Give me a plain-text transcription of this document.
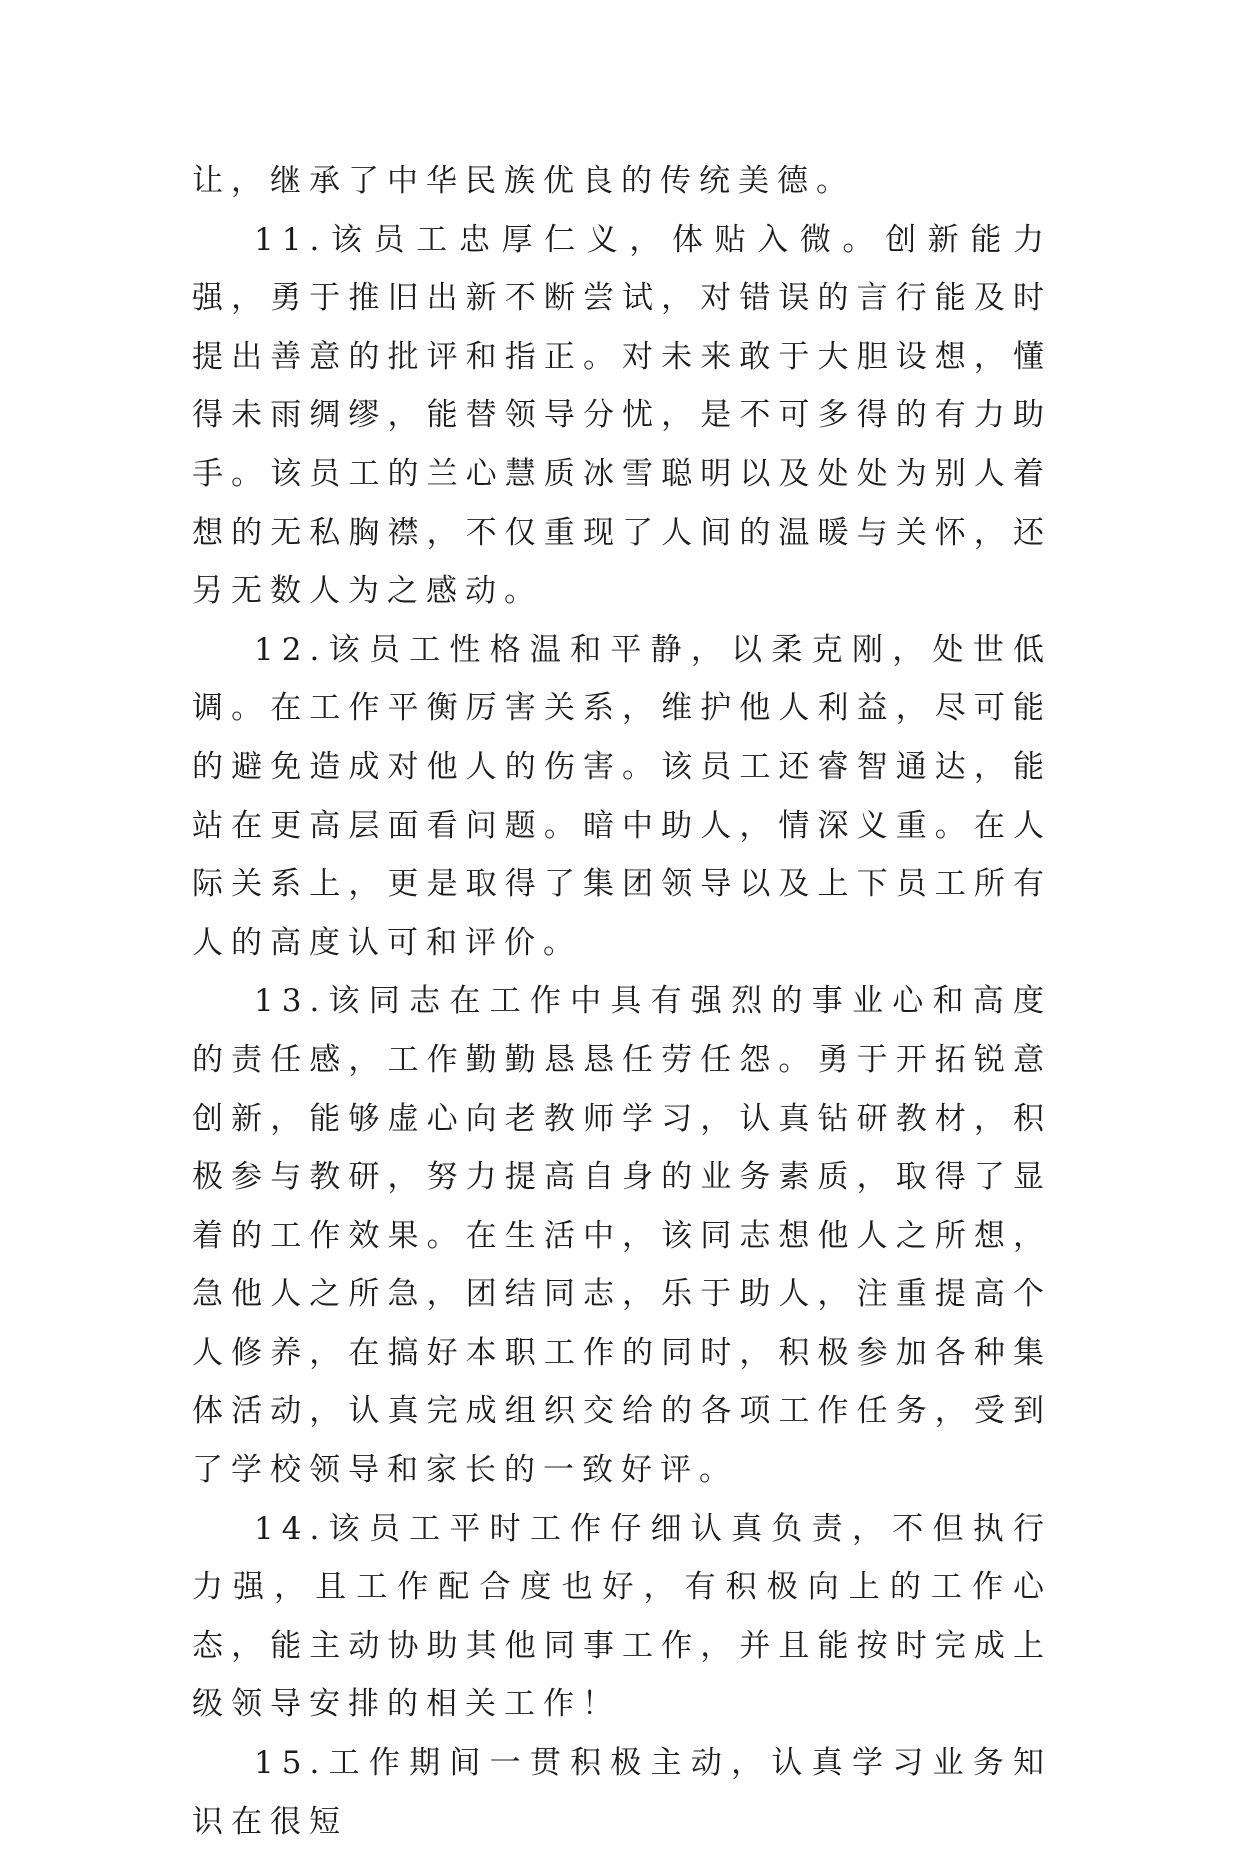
让，继承了中华民族优良的传统美德。

11.该员工忠厚仁义，体贴入微。创新能力强，勇于推旧出新不断尝试，对错误的言行能及时提出善意的批评和指正。对未来敢于大胆设想，懂得未雨绸缪，能替领导分忧，是不可多得的有力助手。该员工的兰心慧质冰雪聪明以及处处为别人着想的无私胸襟，不仅重现了人间的温暖与关怀，还另无数人为之感动。

12.该员工性格温和平静，以柔克刚，处世低调。在工作平衡厉害关系，维护他人利益，尽可能的避免造成对他人的伤害。该员工还睿智通达，能站在更高层面看问题。暗中助人，情深义重。在人际关系上，更是取得了集团领导以及上下员工所有人的高度认可和评价。

13.该同志在工作中具有强烈的事业心和高度的责任感，工作勤勤恳恳任劳任怨。勇于开拓锐意创新，能够虚心向老教师学习，认真钻研教材，积极参与教研，努力提高自身的业务素质，取得了显着的工作效果。在生活中，该同志想他人之所想，急他人之所急，团结同志，乐于助人，注重提高个人修养，在搞好本职工作的同时，积极参加各种集体活动，认真完成组织交给的各项工作任务，受到了学校领导和家长的一致好评。

14.该员工平时工作仔细认真负责，不但执行力强，且工作配合度也好，有积极向上的工作心态，能主动协助其他同事工作，并且能按时完成上级领导安排的相关工作！

15.工作期间一贯积极主动，认真学习业务知识在很短
